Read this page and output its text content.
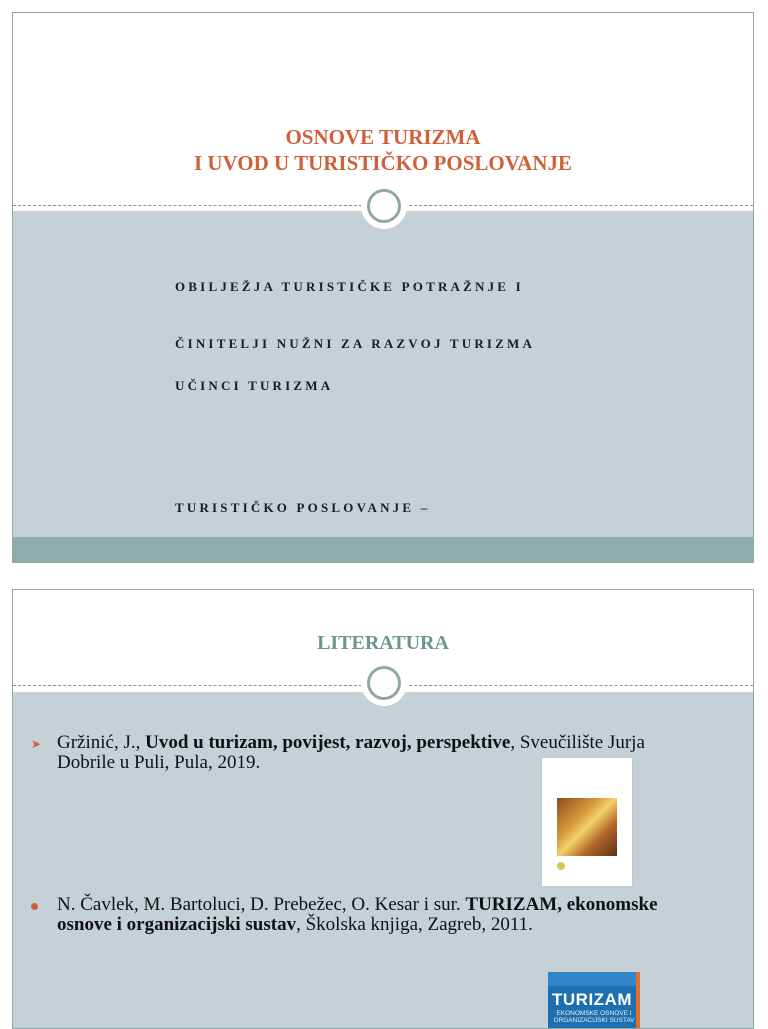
OSNOVE TURIZMA
I UVOD U TURISTIČKO POSLOVANJE
OBILJEŽJA TURISTIČKE POTRAŽNJE I
ČINITELJI NUŽNI ZA RAZVOJ TURIZMA
UČINCI TURIZMA
TURISTIČKO POSLOVANJE –
LITERATURA
➤ Gržinić, J., Uvod u turizam, povijest, razvoj, perspektive, Sveučilište Jurja Dobrile u Puli, Pula, 2019.
N. Čavlek, M. Bartoluci, D. Prebežec, O. Kesar i sur. TURIZAM, ekonomske osnove i organizacijski sustav, Školska knjiga, Zagreb, 2011.
TURIZAM
EKONOMSKE OSNOVE I ORGANIZACIJSKI SUSTAV
